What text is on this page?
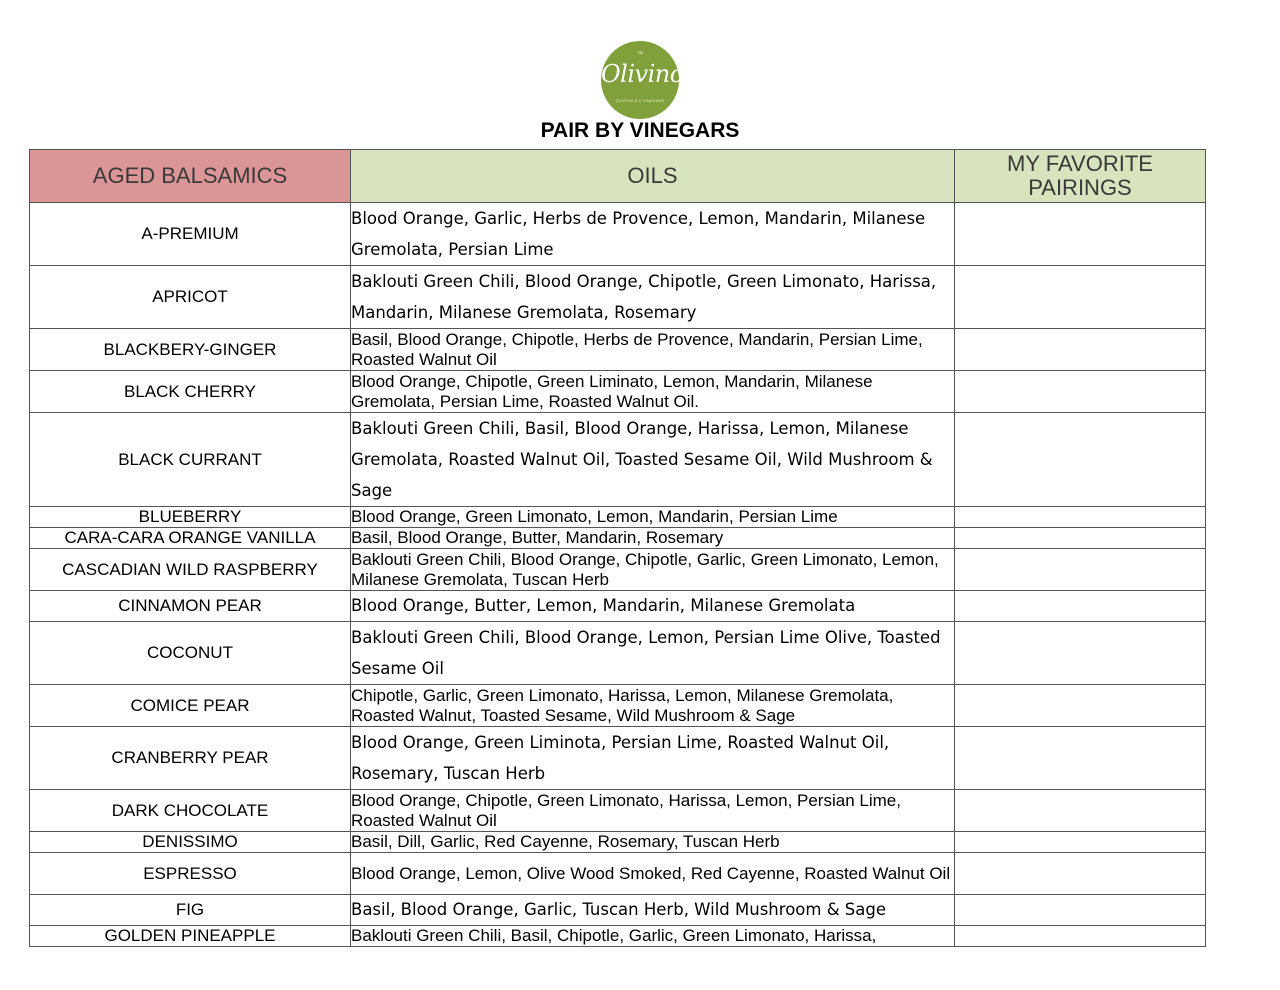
TM
Olivino
OLIVEOILS & VINEGARS
PAIR BY VINEGARS
AGED BALSAMICS	OILS	MY FAVORITE PAIRINGS
A-PREMIUM	Blood Orange, Garlic, Herbs de Provence, Lemon, Mandarin, Milanese Gremolata, Persian Lime	
APRICOT	Baklouti Green Chili, Blood Orange, Chipotle, Green Limonato, Harissa, Mandarin, Milanese Gremolata, Rosemary	
BLACKBERY-GINGER	Basil, Blood Orange, Chipotle, Herbs de Provence, Mandarin, Persian Lime, Roasted Walnut Oil	
BLACK CHERRY	Blood Orange, Chipotle, Green Liminato, Lemon, Mandarin, Milanese Gremolata, Persian Lime, Roasted Walnut Oil.	
BLACK CURRANT	Baklouti Green Chili, Basil, Blood Orange, Harissa, Lemon, Milanese Gremolata, Roasted Walnut Oil, Toasted Sesame Oil, Wild Mushroom & Sage	
BLUEBERRY	Blood Orange, Green Limonato, Lemon, Mandarin, Persian Lime	
CARA-CARA ORANGE VANILLA	Basil, Blood Orange, Butter, Mandarin, Rosemary	
CASCADIAN WILD RASPBERRY	Baklouti Green Chili, Blood Orange, Chipotle, Garlic, Green Limonato, Lemon, Milanese Gremolata, Tuscan Herb	
CINNAMON PEAR	Blood Orange, Butter, Lemon, Mandarin, Milanese Gremolata	
COCONUT	Baklouti Green Chili, Blood Orange, Lemon, Persian Lime Olive, Toasted Sesame Oil	
COMICE PEAR	Chipotle, Garlic, Green Limonato, Harissa, Lemon, Milanese Gremolata, Roasted Walnut, Toasted Sesame, Wild Mushroom & Sage	
CRANBERRY PEAR	Blood Orange, Green Liminota, Persian Lime, Roasted Walnut Oil, Rosemary, Tuscan Herb	
DARK CHOCOLATE	Blood Orange, Chipotle, Green Limonato, Harissa, Lemon, Persian Lime, Roasted Walnut Oil	
DENISSIMO	Basil, Dill, Garlic, Red Cayenne, Rosemary, Tuscan Herb	
ESPRESSO	Blood Orange, Lemon, Olive Wood Smoked, Red Cayenne, Roasted Walnut Oil	
FIG	Basil, Blood Orange, Garlic, Tuscan Herb, Wild Mushroom & Sage	
GOLDEN PINEAPPLE	Baklouti Green Chili, Basil, Chipotle, Garlic, Green Limonato, Harissa,	
